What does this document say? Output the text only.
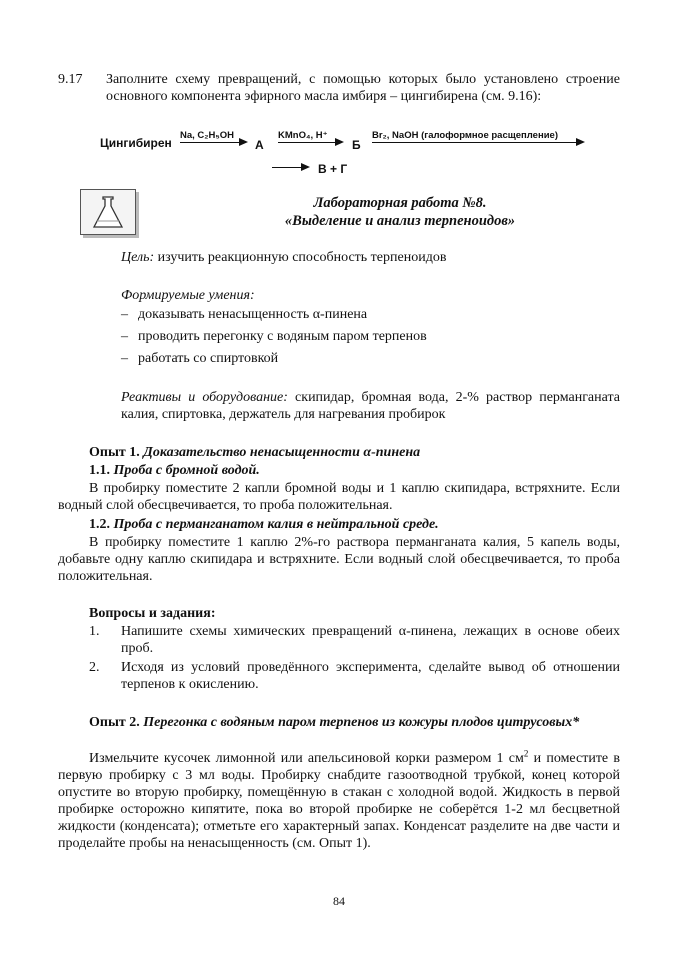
9.17 Заполните схему превращений, с помощью которых было установлено строение основного компонента эфирного масла имбиря – цингибирена (см. 9.16):
Цингибирен
Na, C₂H₅OH
А
KMnO₄, H⁺
Б
Br₂, NaOH (галоформное расщепление)
В + Г
Лабораторная работа №8.
«Выделение и анализ терпеноидов»
Цель: изучить реакционную способность терпеноидов
Формируемые умения:
– доказывать ненасыщенность α-пинена
– проводить перегонку с водяным паром терпенов
– работать со спиртовкой
Реактивы и оборудование: скипидар, бромная вода, 2-% раствор перманганата калия, спиртовка, держатель для нагревания пробирок
Опыт 1. Доказательство ненасыщенности α-пинена
1.1. Проба с бромной водой.
В пробирку поместите 2 капли бромной воды и 1 каплю скипидара, встряхните. Если водный слой обесцвечивается, то проба положительная.
1.2. Проба с перманганатом калия в нейтральной среде.
В пробирку поместите 1 каплю 2%-го раствора перманганата калия, 5 капель воды, добавьте одну каплю скипидара и встряхните. Если водный слой обесцвечивается, то проба положительная.
Вопросы и задания:
1. Напишите схемы химических превращений α-пинена, лежащих в основе обеих проб.
2. Исходя из условий проведённого эксперимента, сделайте вывод об отношении терпенов к окислению.
Опыт 2. Перегонка с водяным паром терпенов из кожуры плодов цитрусовых*
Измельчите кусочек лимонной или апельсиновой корки размером 1 $см^2$ и поместите в первую пробирку с 3 мл воды. Пробирку снабдите газоотводной трубкой, конец которой опустите во вторую пробирку, помещённую в стакан с холодной водой. Жидкость в первой пробирке осторожно кипятите, пока во второй пробирке не соберётся 1-2 мл бесцветной жидкости (конденсата); отметьте его характерный запах. Конденсат разделите на две части и проделайте пробы на ненасыщенность (см. Опыт 1).
84
